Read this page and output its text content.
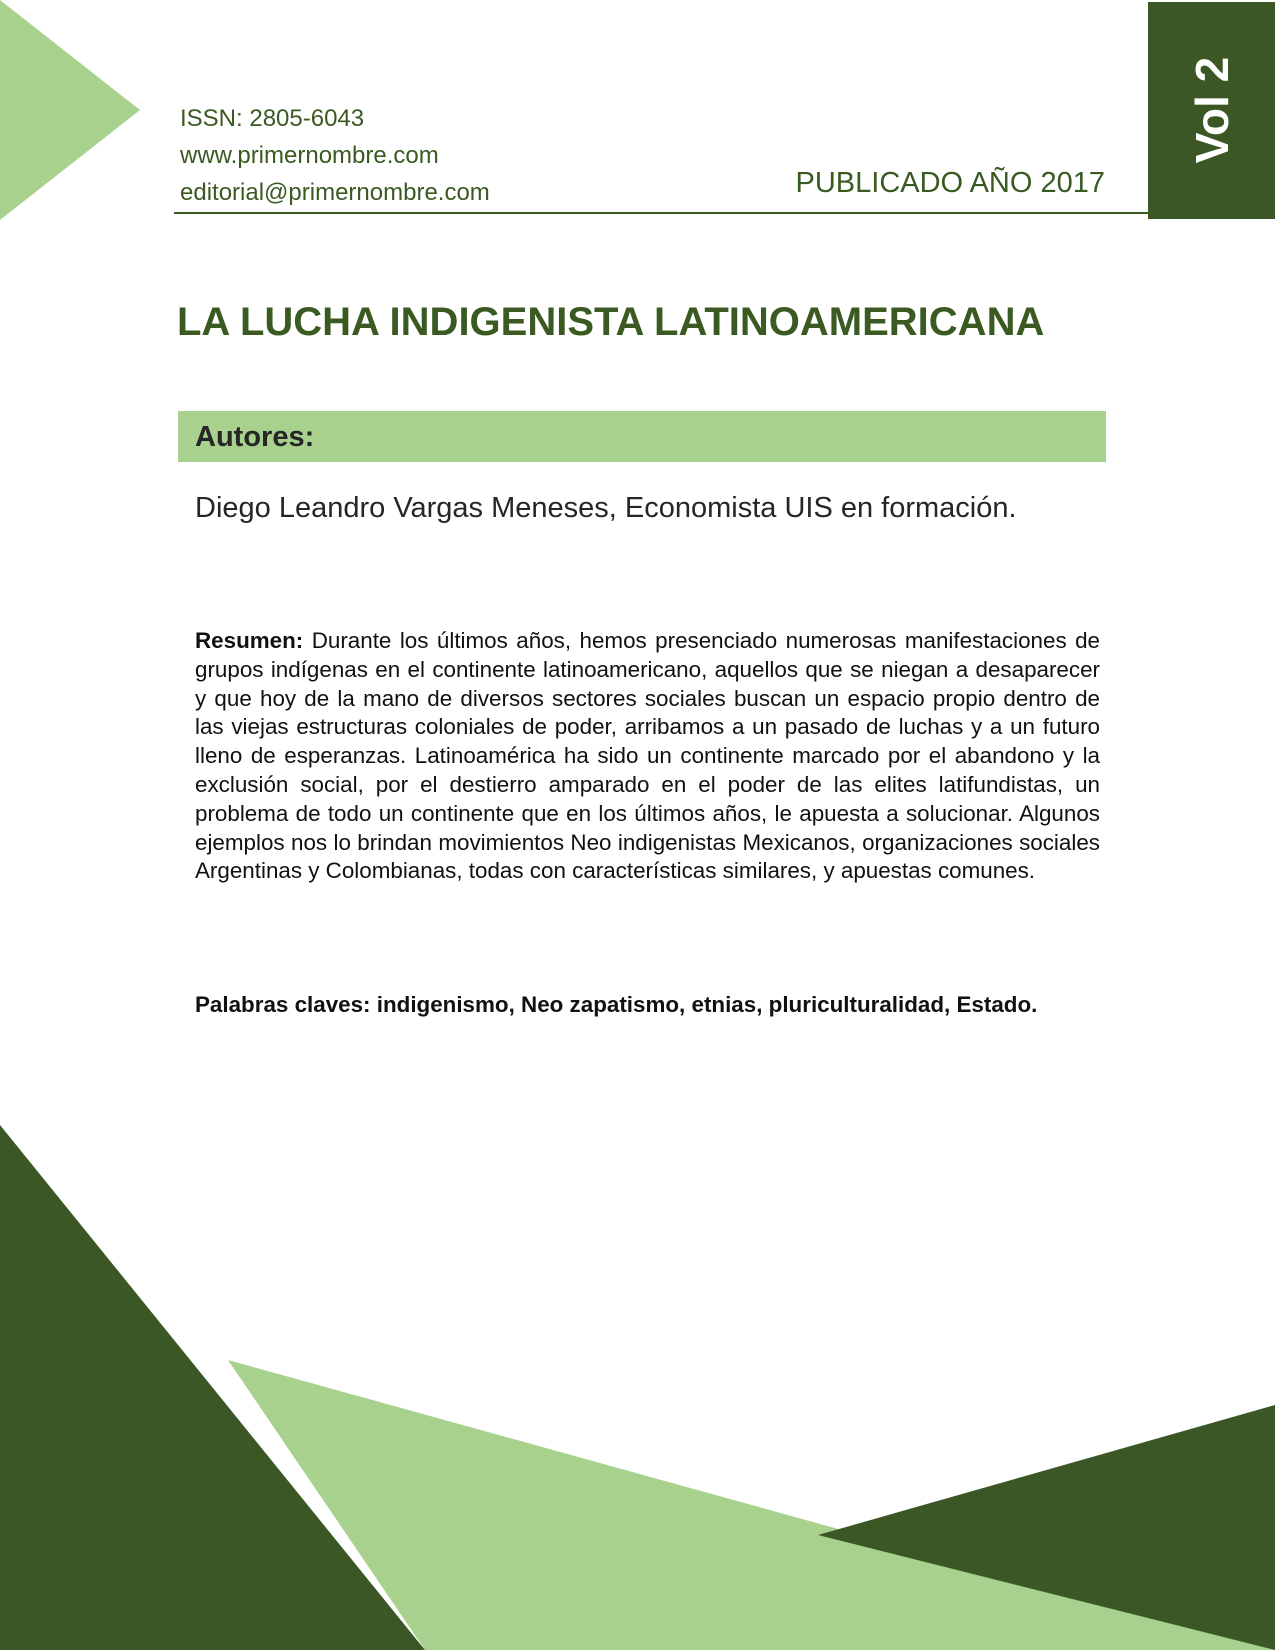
ISSN: 2805-6043
www.primernombre.com
editorial@primernombre.com	PUBLICADO AÑO 2017
Vol 2
LA LUCHA INDIGENISTA LATINOAMERICANA
Autores:
Diego Leandro Vargas Meneses, Economista UIS en formación.
Resumen: Durante los últimos años, hemos presenciado numerosas manifestaciones de grupos indígenas en el continente latinoamericano, aquellos que se niegan a desaparecer y que hoy de la mano de diversos sectores sociales buscan un espacio propio dentro de las viejas estructuras coloniales de poder, arribamos a un pasado de luchas y a un futuro lleno de esperanzas. Latinoamérica ha sido un continente marcado por el abandono y la exclusión social, por el destierro amparado en el poder de las elites latifundistas, un problema de todo un continente que en los últimos años, le apuesta a solucionar. Algunos ejemplos nos lo brindan movimientos Neo indigenistas Mexicanos, organizaciones sociales Argentinas y Colombianas, todas con características similares, y apuestas comunes.
Palabras claves: indigenismo, Neo zapatismo, etnias, pluriculturalidad, Estado.
